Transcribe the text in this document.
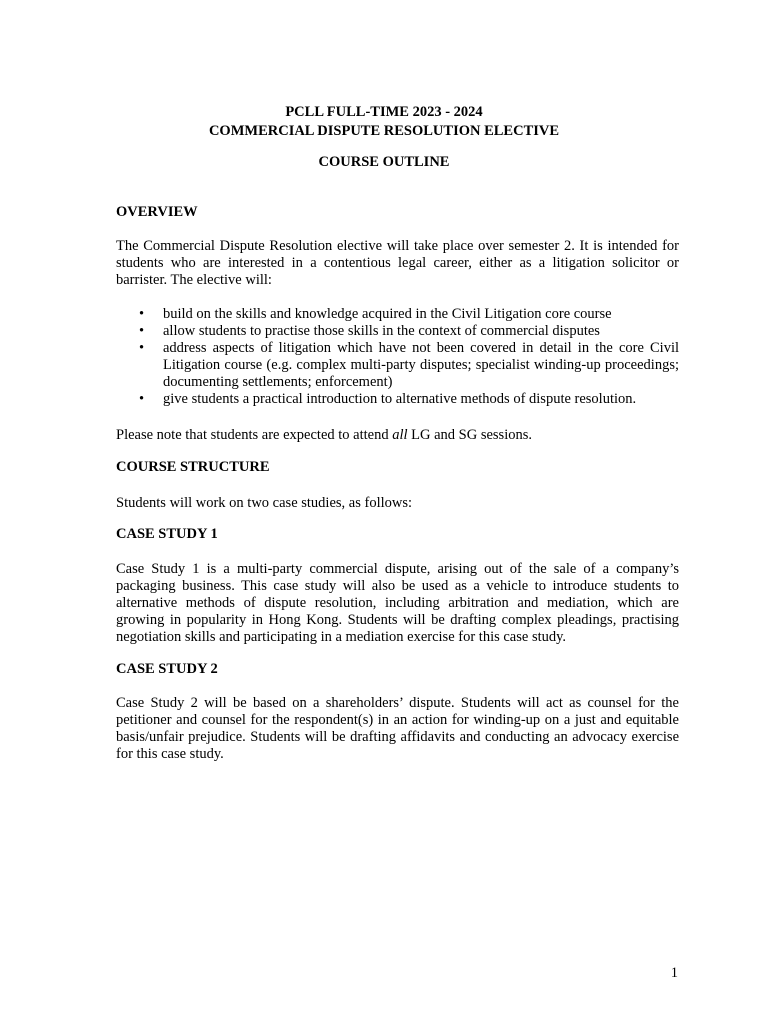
PCLL FULL-TIME 2023 - 2024
COMMERCIAL DISPUTE RESOLUTION ELECTIVE
COURSE OUTLINE
OVERVIEW

The Commercial Dispute Resolution elective will take place over semester 2. It is intended for students who are interested in a contentious legal career, either as a litigation solicitor or barrister. The elective will:

• build on the skills and knowledge acquired in the Civil Litigation core course
• allow students to practise those skills in the context of commercial disputes
• address aspects of litigation which have not been covered in detail in the core Civil Litigation course (e.g. complex multi-party disputes; specialist winding-up proceedings; documenting settlements; enforcement)
• give students a practical introduction to alternative methods of dispute resolution.

Please note that students are expected to attend all LG and SG sessions.

COURSE STRUCTURE

Students will work on two case studies, as follows:

CASE STUDY 1

Case Study 1 is a multi-party commercial dispute, arising out of the sale of a company’s packaging business. This case study will also be used as a vehicle to introduce students to alternative methods of dispute resolution, including arbitration and mediation, which are growing in popularity in Hong Kong. Students will be drafting complex pleadings, practising negotiation skills and participating in a mediation exercise for this case study.

CASE STUDY 2

Case Study 2 will be based on a shareholders’ dispute. Students will act as counsel for the petitioner and counsel for the respondent(s) in an action for winding-up on a just and equitable basis/unfair prejudice. Students will be drafting affidavits and conducting an advocacy exercise for this case study.

1
